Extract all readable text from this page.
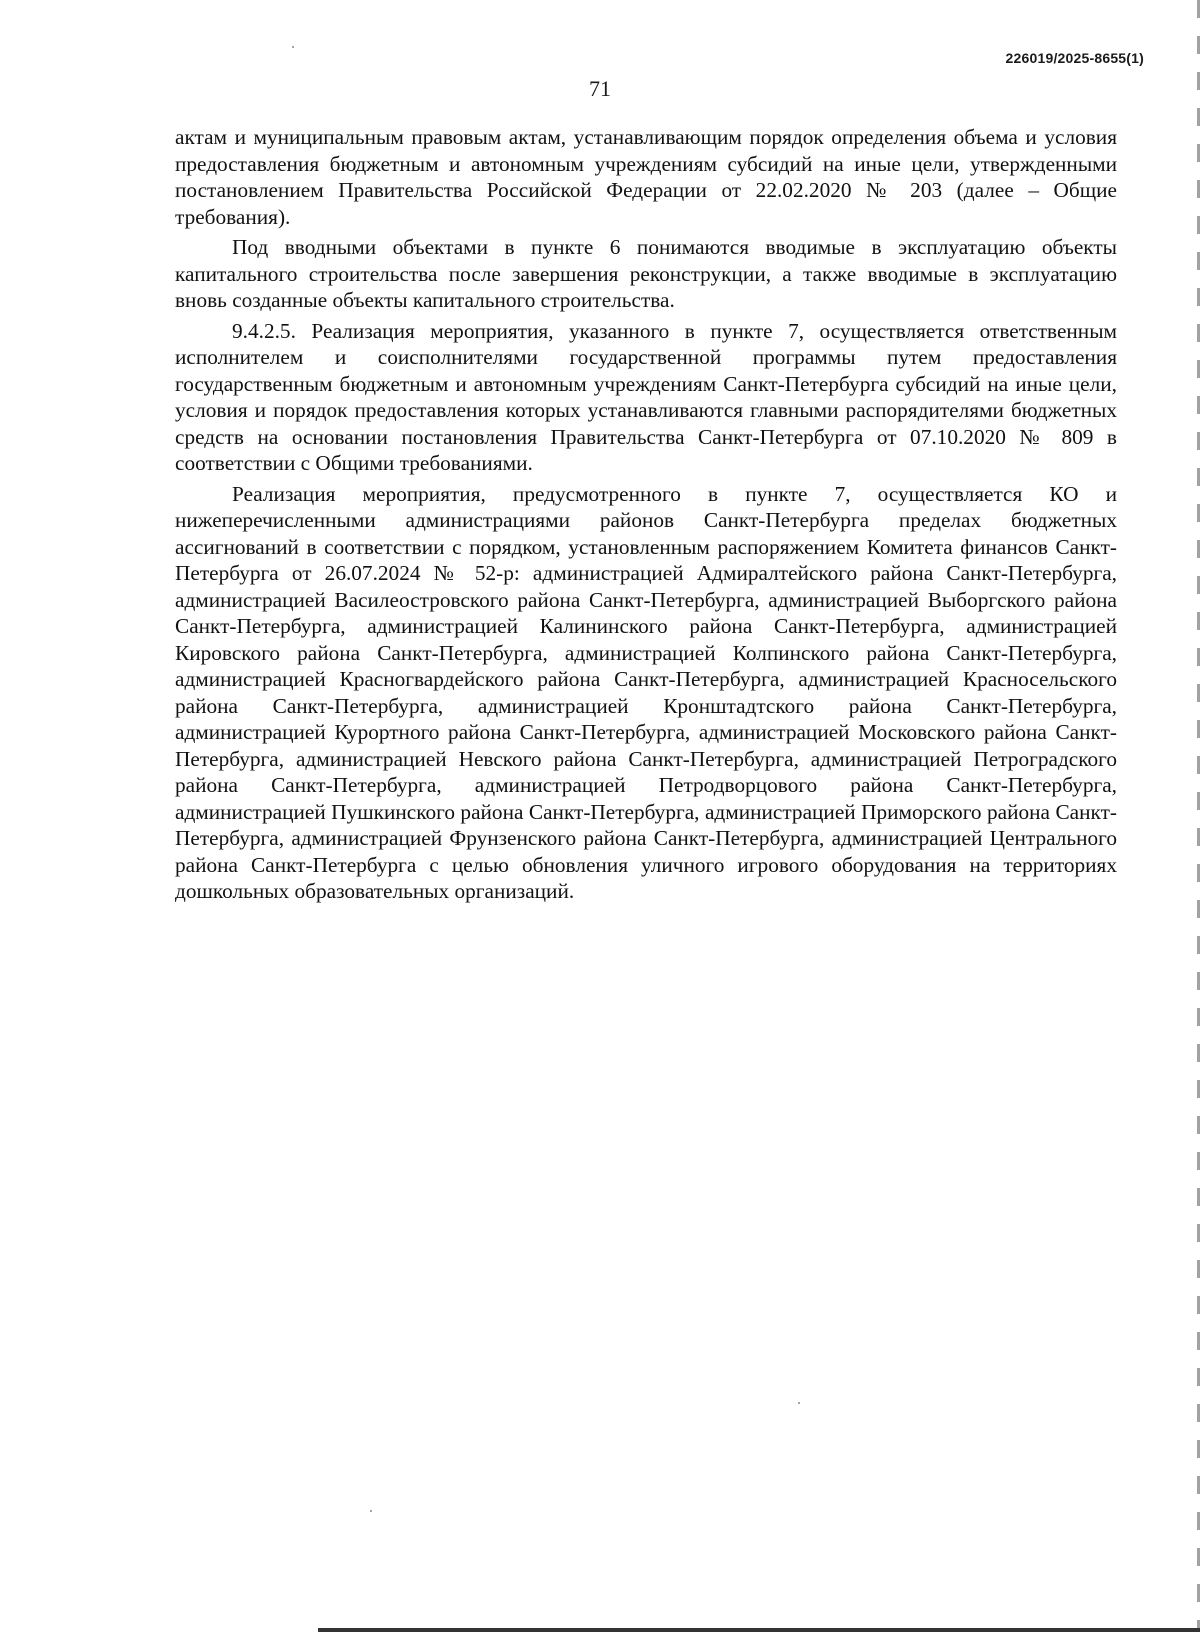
226019/2025-8655(1)
71

актам и муниципальным правовым актам, устанавливающим порядок определения объема и условия предоставления бюджетным и автономным учреждениям субсидий на иные цели, утвержденными постановлением Правительства Российской Федерации от 22.02.2020 № 203 (далее – Общие требования).

Под вводными объектами в пункте 6 понимаются вводимые в эксплуатацию объекты капитального строительства после завершения реконструкции, а также вводимые в эксплуатацию вновь созданные объекты капитального строительства.

9.4.2.5. Реализация мероприятия, указанного в пункте 7, осуществляется ответственным исполнителем и соисполнителями государственной программы путем предоставления государственным бюджетным и автономным учреждениям Санкт-Петербурга субсидий на иные цели, условия и порядок предоставления которых устанавливаются главными распорядителями бюджетных средств на основании постановления Правительства Санкт-Петербурга от 07.10.2020 № 809 в соответствии с Общими требованиями.

Реализация мероприятия, предусмотренного в пункте 7, осуществляется КО и нижеперечисленными администрациями районов Санкт-Петербурга пределах бюджетных ассигнований в соответствии с порядком, установленным распоряжением Комитета финансов Санкт-Петербурга от 26.07.2024 № 52-р: администрацией Адмиралтейского района Санкт-Петербурга, администрацией Василеостровского района Санкт-Петербурга, администрацией Выборгского района Санкт-Петербурга, администрацией Калининского района Санкт-Петербурга, администрацией Кировского района Санкт-Петербурга, администрацией Колпинского района Санкт-Петербурга, администрацией Красногвардейского района Санкт-Петербурга, администрацией Красносельского района Санкт-Петербурга, администрацией Кронштадтского района Санкт-Петербурга, администрацией Курортного района Санкт-Петербурга, администрацией Московского района Санкт-Петербурга, администрацией Невского района Санкт-Петербурга, администрацией Петроградского района Санкт-Петербурга, администрацией Петродворцового района Санкт-Петербурга, администрацией Пушкинского района Санкт-Петербурга, администрацией Приморского района Санкт-Петербурга, администрацией Фрунзенского района Санкт-Петербурга, администрацией Центрального района Санкт-Петербурга с целью обновления уличного игрового оборудования на территориях дошкольных образовательных организаций.
